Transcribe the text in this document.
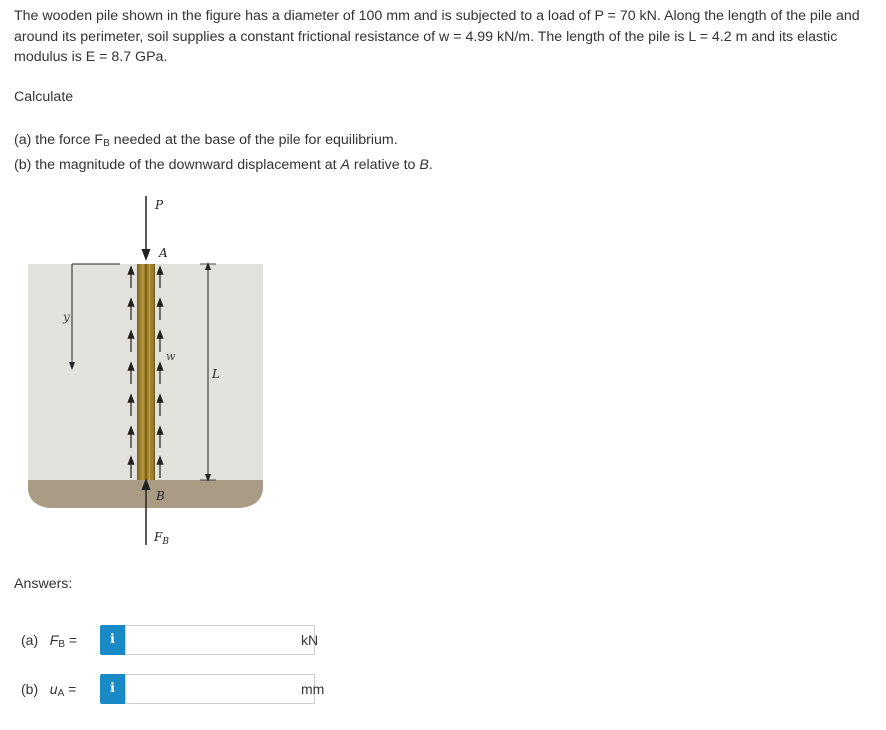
The wooden pile shown in the figure has a diameter of 100 mm and is subjected to a load of P = 70 kN. Along the length of the pile and

around its perimeter, soil supplies a constant frictional resistance of w = 4.99 kN/m. The length of the pile is L = 4.2 m and its elastic

modulus is E = 8.7 GPa.

Calculate
(a) the force $F_B$ needed at the base of the pile for equilibrium.
(b) the magnitude of the downward displacement at A relative to B.
P
A
y
w
L
B
$F_B$
Answers:
(a) $F_B$ =	i	kN
(b) $u_A$ =	i	mm
